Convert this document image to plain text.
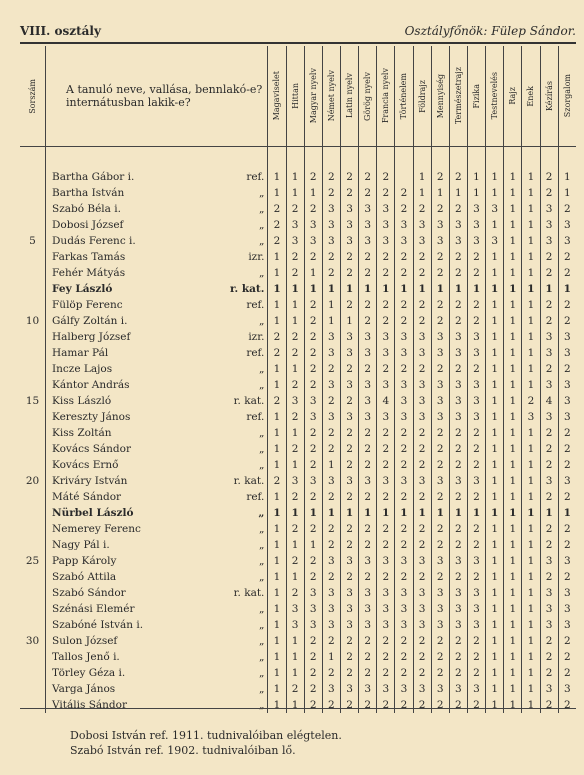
VIII. osztály	Osztályfőnök: Fülep Sándor.
Sorszám	A tanuló neve, vallása, bennlakó-e? internátusban lakik-e?		Magaviselet	Hittan	Magyar nyelv	Német nyelv	Latin nyelv	Görög nyelv	Francia nyelv	Történelem	Földrajz	Mennyiség	Természetrajz	Fizika	Testnevelés	Rajz	Ének	Kézírás	Szorgalom

	Bartha Gábor i.	ref.	1	1	2	2	2	2	2		1	2	2	1	1	1	1	2	1
	Bartha István	„	1	1	1	2	2	2	2	2	1	1	1	1	1	1	1	2	1
	Szabó Béla i.	„	2	2	2	3	3	3	3	2	2	2	2	3	3	1	1	3	2
	Dobosi József	„	2	3	3	3	3	3	3	3	3	3	3	3	1	1	1	3	3
5	Dudás Ferenc i.	„	2	3	3	3	3	3	3	3	3	3	3	3	3	1	1	3	3
	Farkas Tamás	izr.	1	2	2	2	2	2	2	2	2	2	2	2	1	1	1	2	2
	Fehér Mátyás	„	1	2	1	2	2	2	2	2	2	2	2	2	1	1	1	2	2
	Fey László	r. kat.	1	1	1	1	1	1	1	1	1	1	1	1	1	1	1	1	1
	Fülöp Ferenc	ref.	1	1	2	1	2	2	2	2	2	2	2	2	1	1	1	2	2
10	Gálfy Zoltán i.	„	1	1	2	1	1	2	2	2	2	2	2	2	1	1	1	2	2
	Halberg József	izr.	2	2	2	3	3	3	3	3	3	3	3	3	1	1	1	3	3
	Hamar Pál	ref.	2	2	2	3	3	3	3	3	3	3	3	3	1	1	1	3	3
	Incze Lajos	„	1	1	2	2	2	2	2	2	2	2	2	2	1	1	1	2	2
	Kántor András	„	1	2	2	3	3	3	3	3	3	3	3	3	1	1	1	3	3
15	Kiss László	r. kat.	2	3	3	2	2	3	4	3	3	3	3	3	1	1	2	4	3
	Kereszty János	ref.	1	2	3	3	3	3	3	3	3	3	3	3	1	1	3	3	3
	Kiss Zoltán	„	1	1	2	2	2	2	2	2	2	2	2	2	1	1	1	2	2
	Kovács Sándor	„	1	2	2	2	2	2	2	2	2	2	2	2	1	1	1	2	2
	Kovács Ernő	„	1	1	2	1	2	2	2	2	2	2	2	2	1	1	1	2	2
20	Kriváry István	r. kat.	2	3	3	3	3	3	3	3	3	3	3	3	1	1	1	3	3
	Máté Sándor	ref.	1	2	2	2	2	2	2	2	2	2	2	2	1	1	1	2	2
	Nürbel László	„	1	1	1	1	1	1	1	1	1	1	1	1	1	1	1	1	1
	Nemerey Ferenc	„	1	2	2	2	2	2	2	2	2	2	2	2	1	1	1	2	2
	Nagy Pál i.	„	1	1	1	2	2	2	2	2	2	2	2	2	1	1	1	2	2
25	Papp Károly	„	1	2	2	3	3	3	3	3	3	3	3	3	1	1	1	3	3
	Szabó Attila	„	1	1	2	2	2	2	2	2	2	2	2	2	1	1	1	2	2
	Szabó Sándor	r. kat.	1	2	3	3	3	3	3	3	3	3	3	3	1	1	1	3	3
	Szénási Elemér	„	1	3	3	3	3	3	3	3	3	3	3	3	1	1	1	3	3
	Szabóné István i.	„	1	3	3	3	3	3	3	3	3	3	3	3	1	1	1	3	3
30	Sulon József	„	1	1	2	2	2	2	2	2	2	2	2	2	1	1	1	2	2
	Tallos Jenő i.	„	1	1	2	1	2	2	2	2	2	2	2	2	1	1	1	2	2
	Törley Géza i.	„	1	1	2	2	2	2	2	2	2	2	2	2	1	1	1	2	2
	Varga János	„	1	2	2	3	3	3	3	3	3	3	3	3	1	1	1	3	3
	Vitális Sándor	„	1	1	2	2	2	2	2	2	2	2	2	2	1	1	1	2	2
Dobosi István ref. 1911. tudnivalóiban elégtelen.
Szabó István ref. 1902. tudnivalóiban lő.
